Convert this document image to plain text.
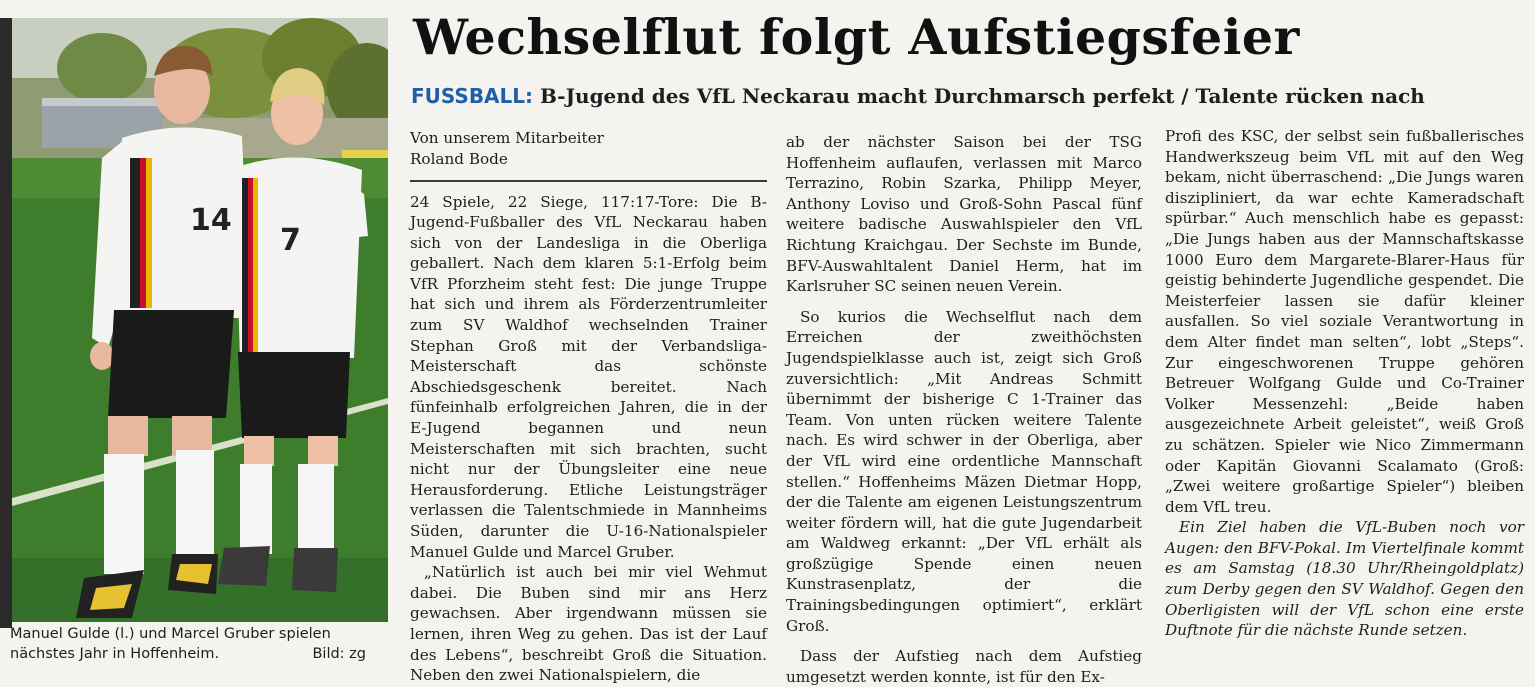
14
7
Manuel Gulde (l.) und Marcel Gruber spielen nächstes Jahr in Hoffenheim.	Bild: zg
Wechselflut folgt Aufstiegsfeier
FUSSBALL: B-Jugend des VfL Neckarau macht Durchmarsch perfekt / Talente rücken nach
Von unserem Mitarbeiter
Roland Bode

24 Spiele, 22 Siege, 117:17-Tore: Die B-Jugend-Fußballer des VfL Neckarau haben sich von der Landesliga in die Oberliga geballert. Nach dem klaren 5:1-Erfolg beim VfR Pforzheim steht fest: Die junge Truppe hat sich und ihrem als Förderzentrumleiter zum SV Waldhof wechselnden Trainer Stephan Groß mit der Verbandsliga-Meisterschaft das schönste Abschiedsgeschenk bereitet. Nach fünfeinhalb erfolgreichen Jahren, die in der E-Jugend begannen und neun Meisterschaften mit sich brachten, sucht nicht nur der Übungsleiter eine neue Herausforderung. Etliche Leistungsträger verlassen die Talentschmiede in Mannheims Süden, darunter die U-16-Nationalspieler Manuel Gulde und Marcel Gruber.

„Natürlich ist auch bei mir viel Wehmut dabei. Die Buben sind mir ans Herz gewachsen. Aber irgendwann müssen sie lernen, ihren Weg zu gehen. Das ist der Lauf des Lebens“, beschreibt Groß die Situation. Neben den zwei Nationalspielern, die

ab der nächster Saison bei der TSG Hoffenheim auflaufen, verlassen mit Marco Terrazino, Robin Szarka, Philipp Meyer, Anthony Loviso und Groß-Sohn Pascal fünf weitere badische Auswahlspieler den VfL Richtung Kraichgau. Der Sechste im Bunde, BFV-Auswahltalent Daniel Herm, hat im Karlsruher SC seinen neuen Verein.

So kurios die Wechselflut nach dem Erreichen der zweithöchsten Jugendspielklasse auch ist, zeigt sich Groß zuversichtlich: „Mit Andreas Schmitt übernimmt der bisherige C 1-Trainer das Team. Von unten rücken weitere Talente nach. Es wird schwer in der Oberliga, aber der VfL wird eine ordentliche Mannschaft stellen.“ Hoffenheims Mäzen Dietmar Hopp, der die Talente am eigenen Leistungszentrum weiter fördern will, hat die gute Jugendarbeit am Waldweg erkannt: „Der VfL erhält als großzügige Spende einen neuen Kunstrasenplatz, der die Trainingsbedingungen optimiert“, erklärt Groß.

Dass der Aufstieg nach dem Aufstieg umgesetzt werden konnte, ist für den Ex-

Profi des KSC, der selbst sein fußballerisches Handwerkszeug beim VfL mit auf den Weg bekam, nicht überraschend: „Die Jungs waren diszipliniert, da war echte Kameradschaft spürbar.“ Auch menschlich habe es gepasst: „Die Jungs haben aus der Mannschaftskasse 1000 Euro dem Margarete-Blarer-Haus für geistig behinderte Jugendliche gespendet. Die Meisterfeier lassen sie dafür kleiner ausfallen. So viel soziale Verantwortung in dem Alter findet man selten“, lobt „Steps“. Zur eingeschworenen Truppe gehören Betreuer Wolfgang Gulde und Co-Trainer Volker Messenzehl: „Beide haben ausgezeichnete Arbeit geleistet“, weiß Groß zu schätzen. Spieler wie Nico Zimmermann oder Kapitän Giovanni Scalamato (Groß: „Zwei weitere großartige Spieler“) bleiben dem VfL treu.

Ein Ziel haben die VfL-Buben noch vor Augen: den BFV-Pokal. Im Viertelfinale kommt es am Samstag (18.30 Uhr/Rheingoldplatz) zum Derby gegen den SV Waldhof. Gegen den Oberligisten will der VfL schon eine erste Duftnote für die nächste Runde setzen.
